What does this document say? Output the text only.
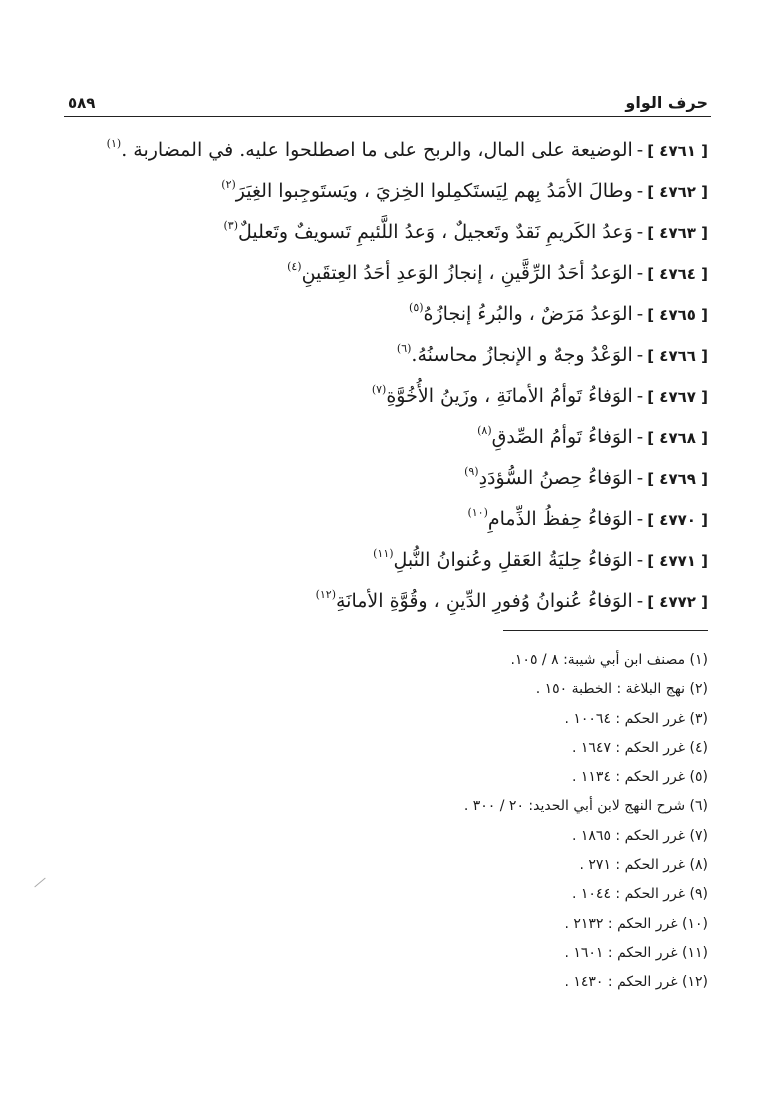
حرف الواو
٥٨٩
[ ٤٧٦١ ]-الوضيعة على المال، والربح على ما اصطلحوا عليه. في المضاربة .$^{(١)}$
[ ٤٧٦٢ ]-وطالَ الأمَدُ بِهم لِيَستَكمِلوا الخِزيَ ، ويَستَوجِبوا الغِيَرَ$^{(٢)}$
[ ٤٧٦٣ ]-وَعدُ الكَريمِ نَقدٌ وتَعجيلٌ ، وَعدُ اللَّئيمِ تَسويفٌ وتَعليلٌ$^{(٣)}$
[ ٤٧٦٤ ]-الوَعدُ أحَدُ الرِّقَّينِ ، إنجازُ الوَعدِ أحَدُ العِتقَينِ$^{(٤)}$
[ ٤٧٦٥ ]-الوَعدُ مَرَضٌ ، والبُرءُ إنجازُهُ$^{(٥)}$
[ ٤٧٦٦ ]-الوَعْدُ وجهٌ و الإنجازُ محاسنُهُ.$^{(٦)}$
[ ٤٧٦٧ ]-الوَفاءُ تَوأمُ الأمانَةِ ، وزَينُ الأُخُوَّةِ$^{(٧)}$
[ ٤٧٦٨ ]-الوَفاءُ تَوأمُ الصِّدقِ$^{(٨)}$
[ ٤٧٦٩ ]-الوَفاءُ حِصنُ السُّؤدَدِ$^{(٩)}$
[ ٤٧٧٠ ]-الوَفاءُ حِفظُ الذِّمامِ$^{(١٠)}$
[ ٤٧٧١ ]-الوَفاءُ حِليَةُ العَقلِ وعُنوانُ النُّبلِ$^{(١١)}$
[ ٤٧٧٢ ]-الوَفاءُ عُنوانُ وُفورِ الدِّينِ ، وقُوَّةِ الأمانَةِ$^{(١٢)}$
(١) مصنف ابن أبي شيبة: ٨ / ١٠٥.
(٢) نهج البلاغة : الخطبة ١٥٠ .
(٣) غرر الحكم : ١٠٠٦٤ .
(٤) غرر الحكم : ١٦٤٧ .
(٥) غرر الحكم : ١١٣٤ .
(٦) شرح النهج لابن أبي الحديد: ٢٠ / ٣٠٠ .
(٧) غرر الحكم : ١٨٦٥ .
(٨) غرر الحكم : ٢٧١ .
(٩) غرر الحكم : ١٠٤٤ .
(١٠) غرر الحكم : ٢١٣٢ .
(١١) غرر الحكم : ١٦٠١ .
(١٢) غرر الحكم : ١٤٣٠ .
